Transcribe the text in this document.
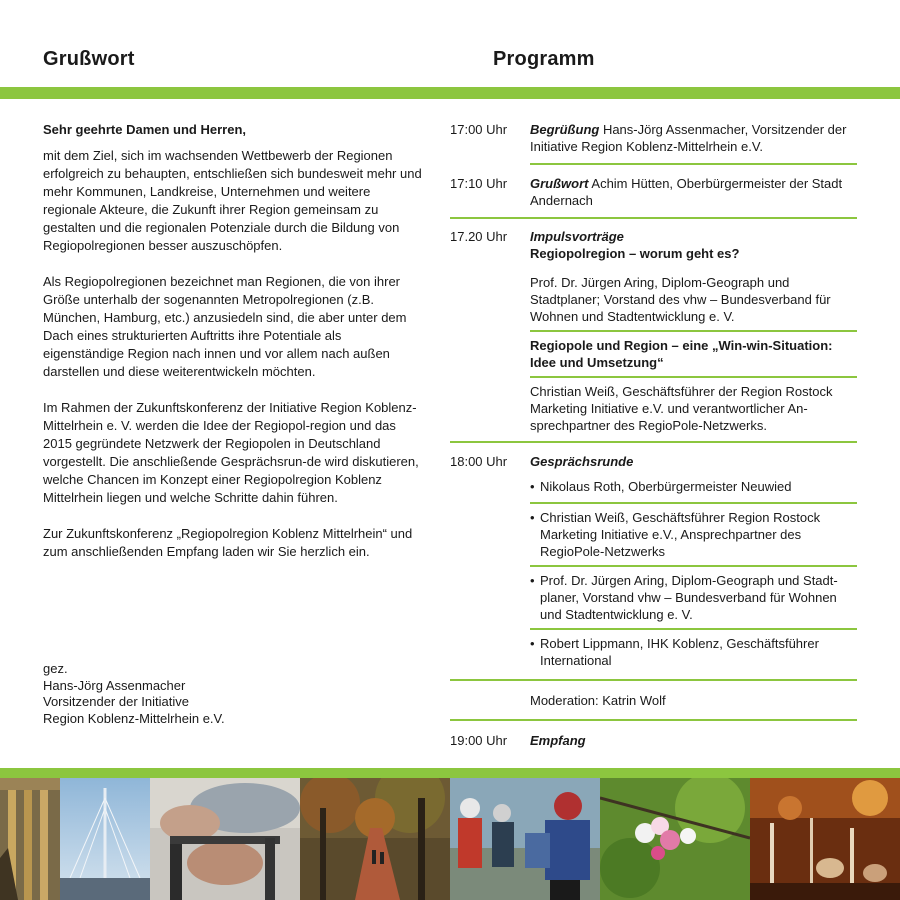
Grußwort	Programm

Sehr geehrte Damen und Herren,

mit dem Ziel, sich im wachsenden Wettbewerb der Regionen erfolgreich zu behaupten, entschließen sich bundesweit mehr und mehr Kommunen, Landkreise, Unternehmen und weitere regionale Akteure, die Zukunft ihrer Region gemeinsam zu gestalten und die regionalen Potenziale durch die Bildung von Regiopolregionen besser auszuschöpfen.

Als Regiopolregionen bezeichnet man Regionen, die von ihrer Größe unterhalb der sogenannten Metropolregionen (z.B. München, Hamburg, etc.) anzusiedeln sind, die aber unter dem Dach eines strukturierten Auftritts ihre Potentiale als eigenständige Region nach innen und vor allem nach außen darstellen und diese weiterentwickeln möchten.

Im Rahmen der Zukunftskonferenz der Initiative Region Koblenz-Mittelrhein e. V. werden die Idee der Regiopol-region und das 2015 gegründete Netzwerk der Regiopolen in Deutschland vorgestellt. Die anschließende Gesprächsrun-de wird diskutieren, welche Chancen im Konzept einer Regiopolregion Koblenz Mittelrhein liegen und welche Schritte dahin führen.

Zur Zukunftskonferenz „Regiopolregion Koblenz Mittelrhein“ und zum anschließenden Empfang laden wir Sie herzlich ein.

gez.
Hans-Jörg Assenmacher
Vorsitzender der Initiative
Region Koblenz-Mittelrhein e.V.
17:00 Uhr	Begrüßung Hans-Jörg Assenmacher, Vorsitzender der Initiative Region Koblenz-Mittelrhein e.V.
17:10 Uhr	Grußwort Achim Hütten, Oberbürgermeister der Stadt Andernach
17.20 Uhr	Impulsvorträge
Regiopolregion – worum geht es?
Prof. Dr. Jürgen Aring, Diplom-Geograph und Stadtplaner; Vorstand des vhw – Bundesverband für Wohnen und Stadtentwicklung e. V.
Regiopole und Region – eine „Win-win-Situation: Idee und Umsetzung“
Christian Weiß, Geschäftsführer der Region Rostock Marketing Initiative e.V. und verantwortlicher An-sprechpartner des RegioPole-Netzwerks.
18:00 Uhr	Gesprächsrunde
• Nikolaus Roth, Oberbürgermeister Neuwied
• Christian Weiß, Geschäftsführer Region Rostock Marketing Initiative e.V., Ansprechpartner des RegioPole-Netzwerks
• Prof. Dr. Jürgen Aring, Diplom-Geograph und Stadt-planer, Vorstand vhw – Bundesverband für Wohnen und Stadtentwicklung e. V.
• Robert Lippmann, IHK Koblenz, Geschäftsführer International
Moderation: Katrin Wolf
19:00 Uhr	Empfang
